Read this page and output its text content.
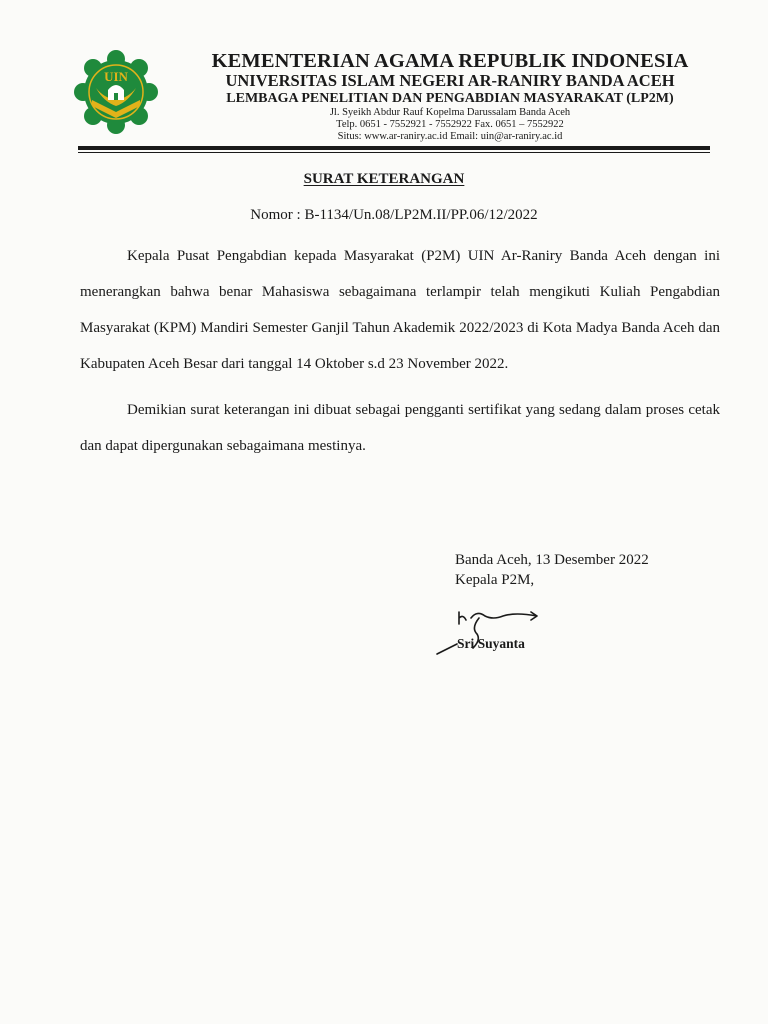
UIN
KEMENTERIAN AGAMA REPUBLIK INDONESIA
UNIVERSITAS ISLAM NEGERI AR-RANIRY BANDA ACEH
LEMBAGA PENELITIAN DAN PENGABDIAN MASYARAKAT (LP2M)
Jl. Syeikh Abdur Rauf Kopelma Darussalam Banda Aceh
Telp. 0651 - 7552921 - 7552922 Fax. 0651 – 7552922
Situs: www.ar-raniry.ac.id Email: uin@ar-raniry.ac.id
SURAT KETERANGAN
Nomor : B-1134/Un.08/LP2M.II/PP.06/12/2022

Kepala Pusat Pengabdian kepada Masyarakat (P2M) UIN Ar-Raniry Banda Aceh dengan ini menerangkan bahwa benar Mahasiswa sebagaimana terlampir telah mengikuti Kuliah Pengabdian Masyarakat (KPM) Mandiri Semester Ganjil Tahun Akademik 2022/2023 di Kota Madya Banda Aceh dan Kabupaten Aceh Besar dari tanggal 14 Oktober s.d 23 November 2022.

Demikian surat keterangan ini dibuat sebagai pengganti sertifikat yang sedang dalam proses cetak dan dapat dipergunakan sebagaimana mestinya.

Banda Aceh, 13 Desember 2022
Kepala P2M,
Sri Suyanta
